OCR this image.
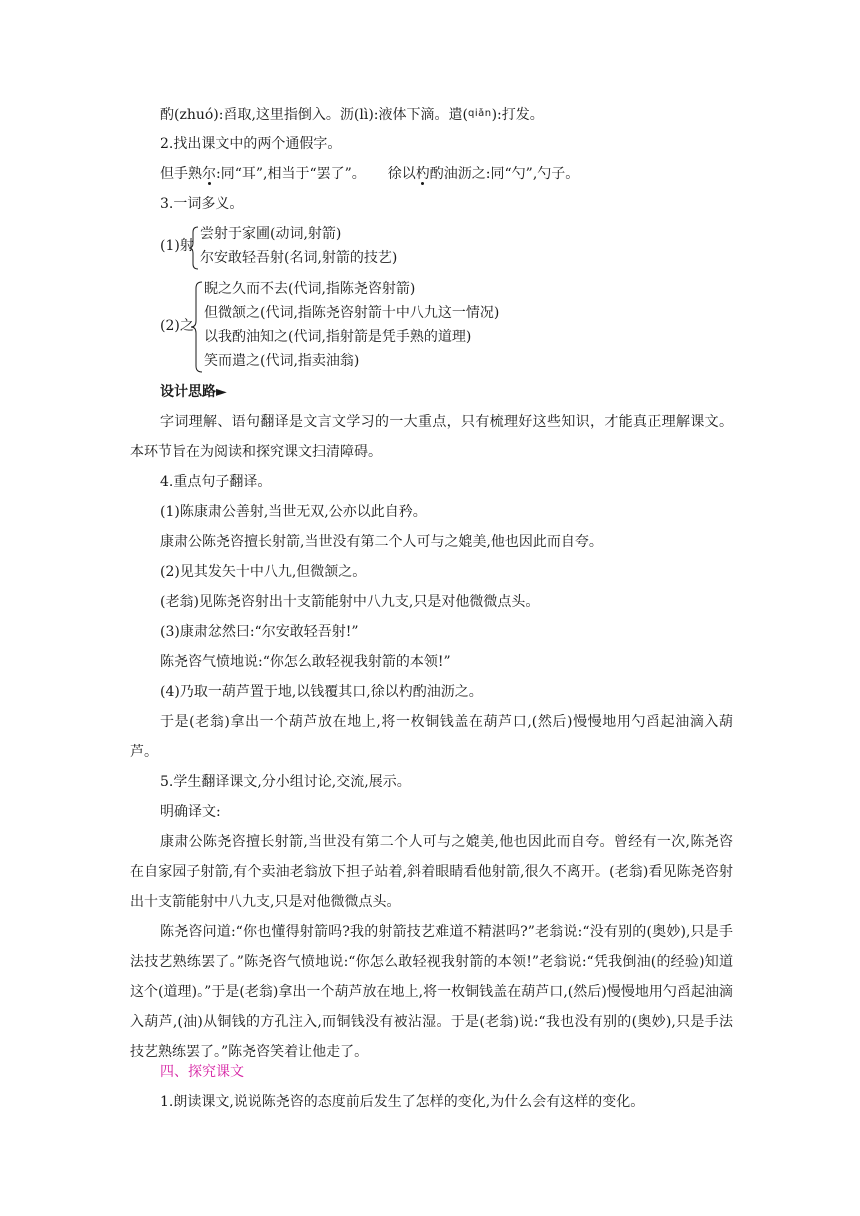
酌(zhuó):舀取,这里指倒入。沥(lì):液体下滴。遣($^{qiǎn}$):打发。
2.找出课文中的两个通假字。
但手熟尔:同“耳”,相当于“罢了”。 徐以杓酌油沥之:同“勺”,勺子。
3.一词多义。
(1)射
尝射于家圃(动词,射箭)
尔安敢轻吾射(名词,射箭的技艺)
(2)之
睨之久而不去(代词,指陈尧咨射箭)
但微颔之(代词,指陈尧咨射箭十中八九这一情况)
以我酌油知之(代词,指射箭是凭手熟的道理)
笑而遣之(代词,指卖油翁)
设计思路►
字词理解、语句翻译是文言文学习的一大重点，只有梳理好这些知识，才能真正理解课文。本环节旨在为阅读和探究课文扫清障碍。
4.重点句子翻译。
(1)陈康肃公善射,当世无双,公亦以此自矜。
康肃公陈尧咨擅长射箭,当世没有第二个人可与之媲美,他也因此而自夸。
(2)见其发矢十中八九,但微颔之。
(老翁)见陈尧咨射出十支箭能射中八九支,只是对他微微点头。
(3)康肃忿然曰:“尔安敢轻吾射!”
陈尧咨气愤地说:“你怎么敢轻视我射箭的本领!”
(4)乃取一葫芦置于地,以钱覆其口,徐以杓酌油沥之。
于是(老翁)拿出一个葫芦放在地上,将一枚铜钱盖在葫芦口,(然后)慢慢地用勺舀起油滴入葫芦。
5.学生翻译课文,分小组讨论,交流,展示。
明确译文:
康肃公陈尧咨擅长射箭,当世没有第二个人可与之媲美,他也因此而自夸。曾经有一次,陈尧咨在自家园子射箭,有个卖油老翁放下担子站着,斜着眼睛看他射箭,很久不离开。(老翁)看见陈尧咨射出十支箭能射中八九支,只是对他微微点头。
陈尧咨问道:“你也懂得射箭吗?我的射箭技艺难道不精湛吗?”老翁说:“没有别的(奥妙),只是手法技艺熟练罢了。”陈尧咨气愤地说:“你怎么敢轻视我射箭的本领!”老翁说:“凭我倒油(的经验)知道这个(道理)。”于是(老翁)拿出一个葫芦放在地上,将一枚铜钱盖在葫芦口,(然后)慢慢地用勺舀起油滴入葫芦,(油)从铜钱的方孔注入,而铜钱没有被沾湿。于是(老翁)说:“我也没有别的(奥妙),只是手法技艺熟练罢了。”陈尧咨笑着让他走了。
四、探究课文
1.朗读课文,说说陈尧咨的态度前后发生了怎样的变化,为什么会有这样的变化。
